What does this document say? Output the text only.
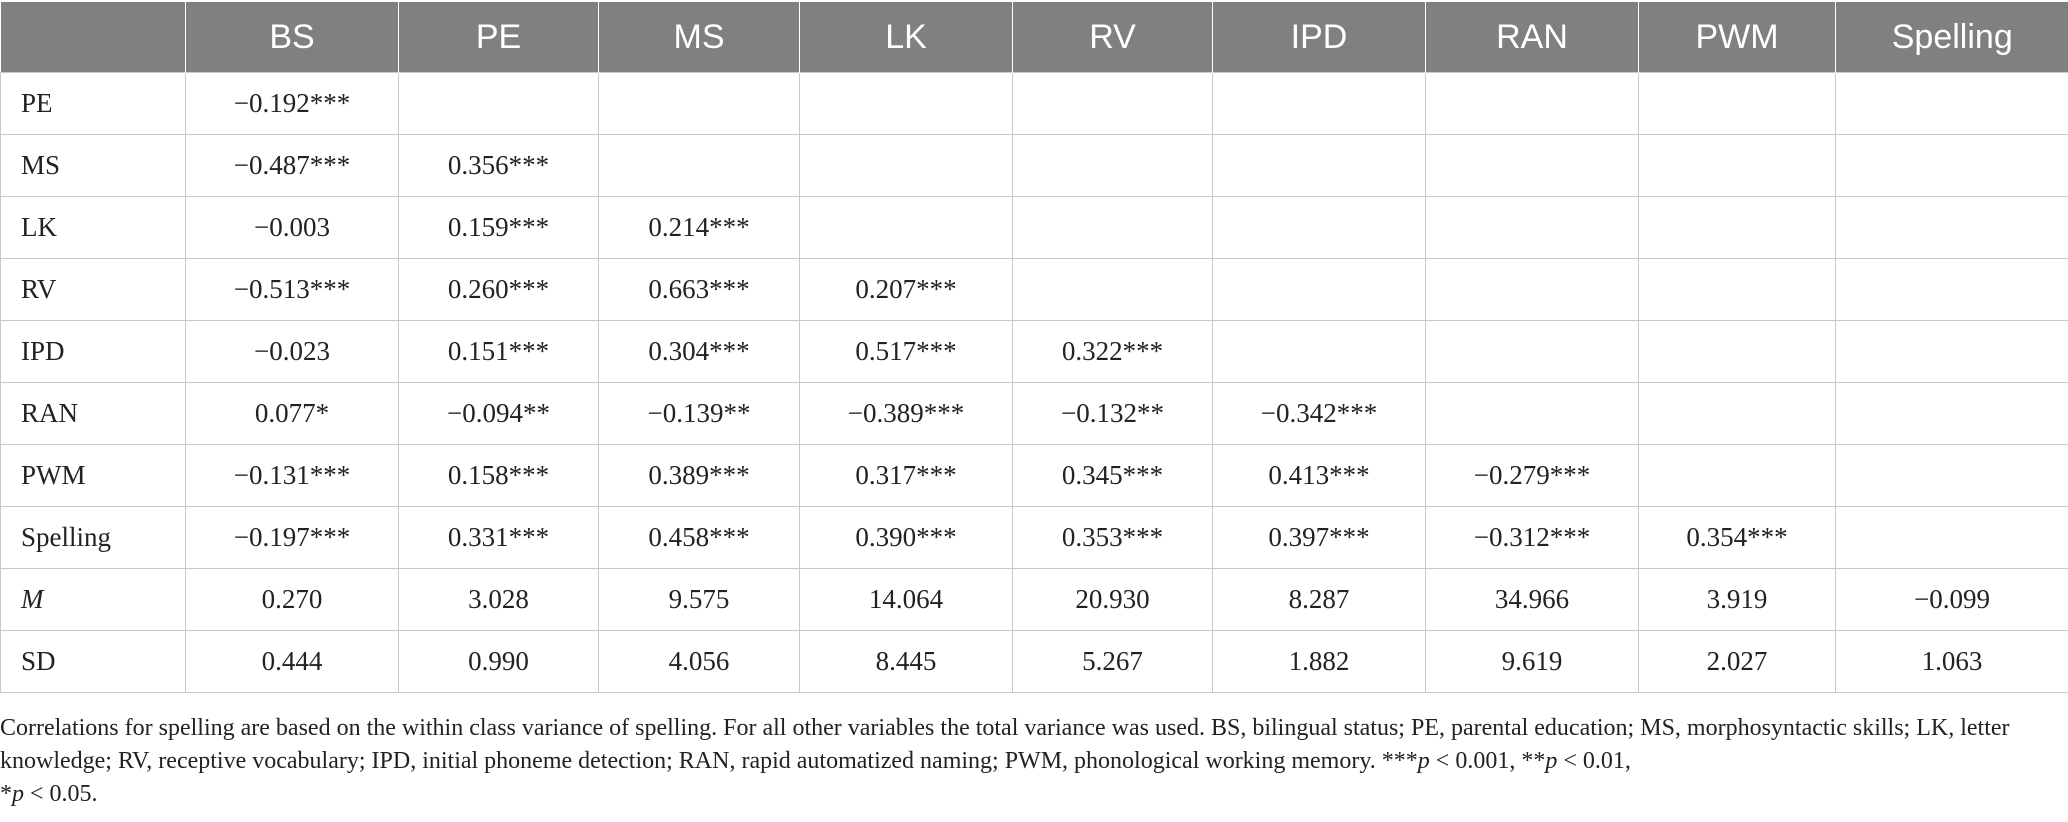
	BS	PE	MS	LK	RV	IPD	RAN	PWM	Spelling
PE	−0.192***								
MS	−0.487***	0.356***							
LK	−0.003	0.159***	0.214***						
RV	−0.513***	0.260***	0.663***	0.207***					
IPD	−0.023	0.151***	0.304***	0.517***	0.322***				
RAN	0.077*	−0.094**	−0.139**	−0.389***	−0.132**	−0.342***			
PWM	−0.131***	0.158***	0.389***	0.317***	0.345***	0.413***	−0.279***		
Spelling	−0.197***	0.331***	0.458***	0.390***	0.353***	0.397***	−0.312***	0.354***	
M	0.270	3.028	9.575	14.064	20.930	8.287	34.966	3.919	−0.099
SD	0.444	0.990	4.056	8.445	5.267	1.882	9.619	2.027	1.063
Correlations for spelling are based on the within class variance of spelling. For all other variables the total variance was used. BS, bilingual status; PE, parental education; MS, morphosyntactic skills; LK, letter knowledge; RV, receptive vocabulary; IPD, initial phoneme detection; RAN, rapid automatized naming; PWM, phonological working memory. ***p < 0.001, **p < 0.01,
*p < 0.05.
